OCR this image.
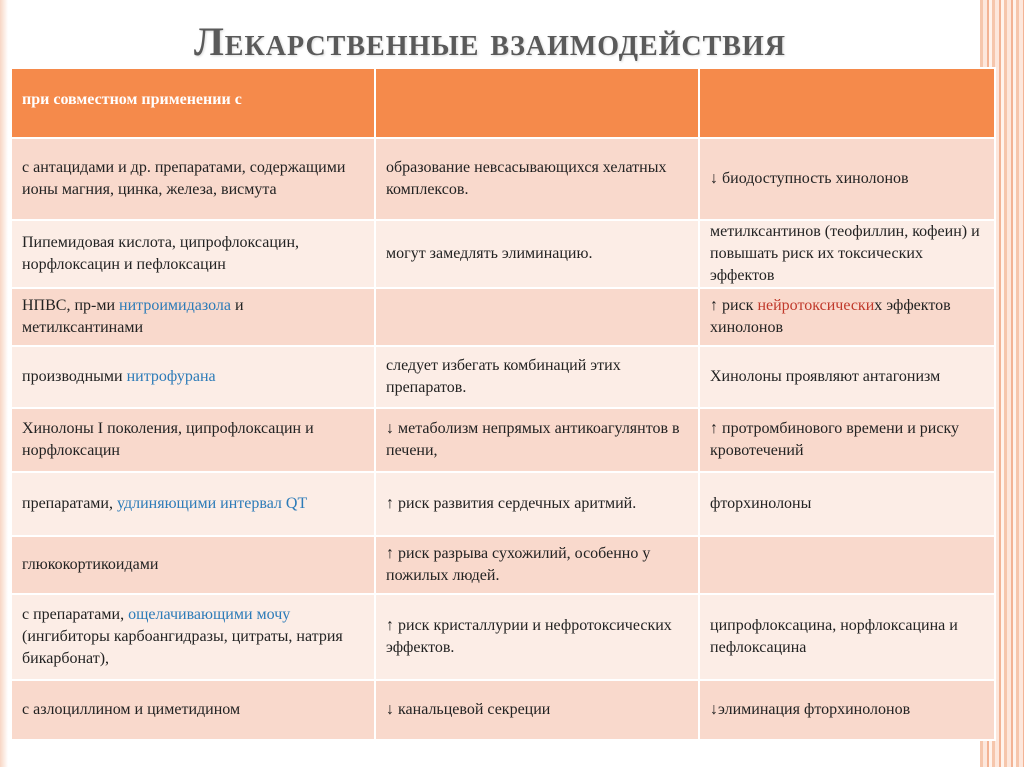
Лекарственные взаимодействия
при совместном применении с		
с антацидами и др. препаратами, содержащими ионы магния, цинка, железа, висмута	образование невсасывающихся хелатных комплексов.	↓ биодоступность хинолонов
Пипемидовая кислота, ципрофлоксацин, норфлоксацин и пефлоксацин	могут замедлять элиминацию.	метилксантинов (теофиллин, кофеин) и повышать риск их токсических эффектов
НПВС, пр-ми нитроимидазола и метилксантинами		↑ риск нейротоксических эффектов хинолонов
производными нитрофурана	следует избегать комбинаций этих препаратов.	Хинолоны проявляют антагонизм
Хинолоны I поколения, ципрофлоксацин и норфлоксацин	↓ метаболизм непрямых антикоагулянтов в печени,	↑ протромбинового времени и риску кровотечений
препаратами, удлиняющими интервал QT	↑ риск развития сердечных аритмий.	фторхинолоны
глюкокортикоидами	↑ риск разрыва сухожилий, особенно у пожилых людей.	
с препаратами, ощелачивающими мочу (ингибиторы карбоангидразы, цитраты, натрия бикарбонат),	↑ риск кристаллурии и нефротоксических эффектов.	ципрофлоксацина, норфлоксацина и пефлоксацина
с азлоциллином и циметидином	↓ канальцевой секреции	↓элиминация фторхинолонов
